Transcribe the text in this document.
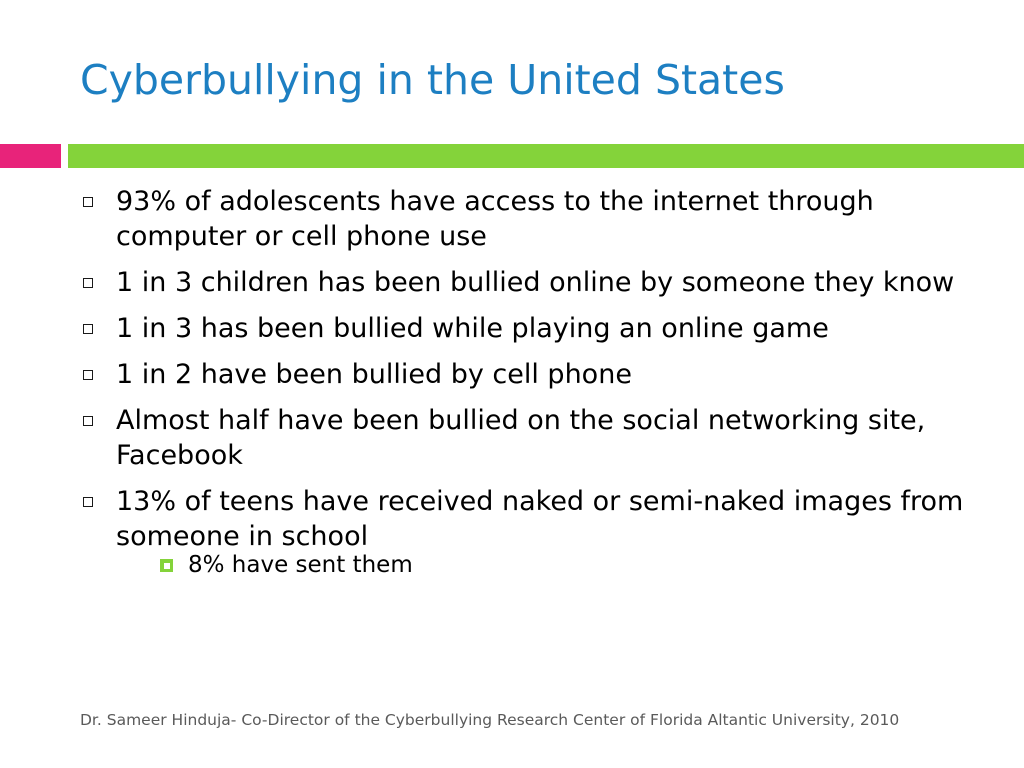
Cyberbullying in the United States
93% of adolescents have access to the internet through computer or cell phone use
1 in 3 children has been bullied online by someone they know
1 in 3 has been bullied while playing an online game
1 in 2 have been bullied by cell phone
Almost half have been bullied on the social networking site, Facebook
13% of teens have received naked or semi-naked images from someone in school
8% have sent them
Dr. Sameer Hinduja- Co-Director of the Cyberbullying Research Center of Florida Altantic University, 2010
